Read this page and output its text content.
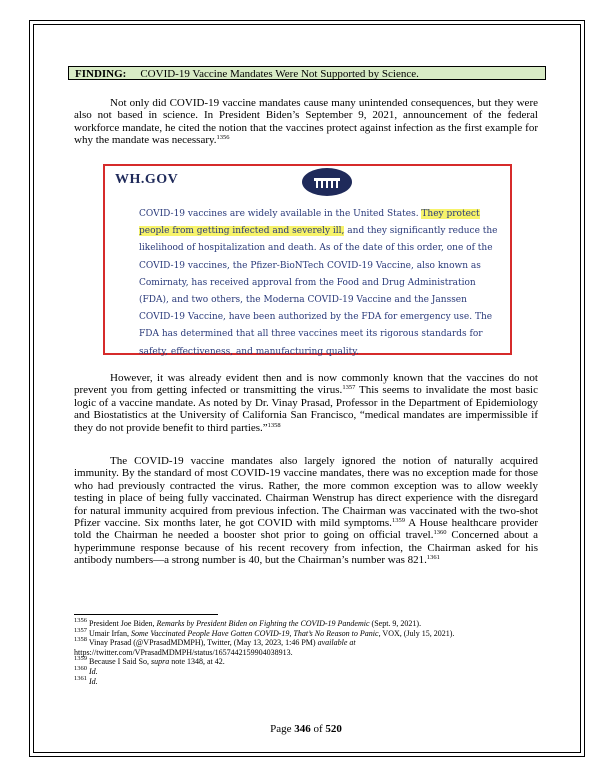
FINDING: COVID-19 Vaccine Mandates Were Not Supported by Science.
Not only did COVID-19 vaccine mandates cause many unintended consequences, but they were also not based in science. In President Biden’s September 9, 2021, announcement of the federal workforce mandate, he cited the notion that the vaccines protect against infection as the first example for why the mandate was necessary.$^{1356}$
WH.GOV
COVID-19 vaccines are widely available in the United States. They protect people from getting infected and severely ill, and they significantly reduce the likelihood of hospitalization and death. As of the date of this order, one of the COVID-19 vaccines, the Pfizer-BioNTech COVID-19 Vaccine, also known as Comirnaty, has received approval from the Food and Drug Administration (FDA), and two others, the Moderna COVID-19 Vaccine and the Janssen COVID-19 Vaccine, have been authorized by the FDA for emergency use. The FDA has determined that all three vaccines meet its rigorous standards for safety, effectiveness, and manufacturing quality.
However, it was already evident then and is now commonly known that the vaccines do not prevent you from getting infected or transmitting the virus.$^{1357}$ This seems to invalidate the most basic logic of a vaccine mandate. As noted by Dr. Vinay Prasad, Professor in the Department of Epidemiology and Biostatistics at the University of California San Francisco, “medical mandates are impermissible if they do not provide benefit to third parties.”$^{1358}$
The COVID-19 vaccine mandates also largely ignored the notion of naturally acquired immunity. By the standard of most COVID-19 vaccine mandates, there was no exception made for those who had previously contracted the virus. Rather, the more common exception was to allow weekly testing in place of being fully vaccinated. Chairman Wenstrup has direct experience with the disregard for natural immunity acquired from previous infection. The Chairman was vaccinated with the two-shot Pfizer vaccine. Six months later, he got COVID with mild symptoms.$^{1359}$ A House healthcare provider told the Chairman he needed a booster shot prior to going on official travel.$^{1360}$ Concerned about a hyperimmune response because of his recent recovery from infection, the Chairman asked for his antibody numbers—a strong number is 40, but the Chairman’s number was 821.$^{1361}$

$^{1356}$ President Joe Biden, Remarks by President Biden on Fighting the COVID-19 Pandemic (Sept. 9, 2021).

$^{1357}$ Umair Irfan, Some Vaccinated People Have Gotten COVID-19, That’s No Reason to Panic, VOX, (July 15, 2021).

$^{1358}$ Vinay Prasad (@VPrasadMDMPH), Twitter, (May 13, 2023, 1:46 PM) available at https://twitter.com/VPrasadMDMPH/status/1657442159904038913.

$^{1359}$ Because I Said So, supra note 1348, at 42.

$^{1360}$ Id.

$^{1361}$ Id.

Page 346 of 520
